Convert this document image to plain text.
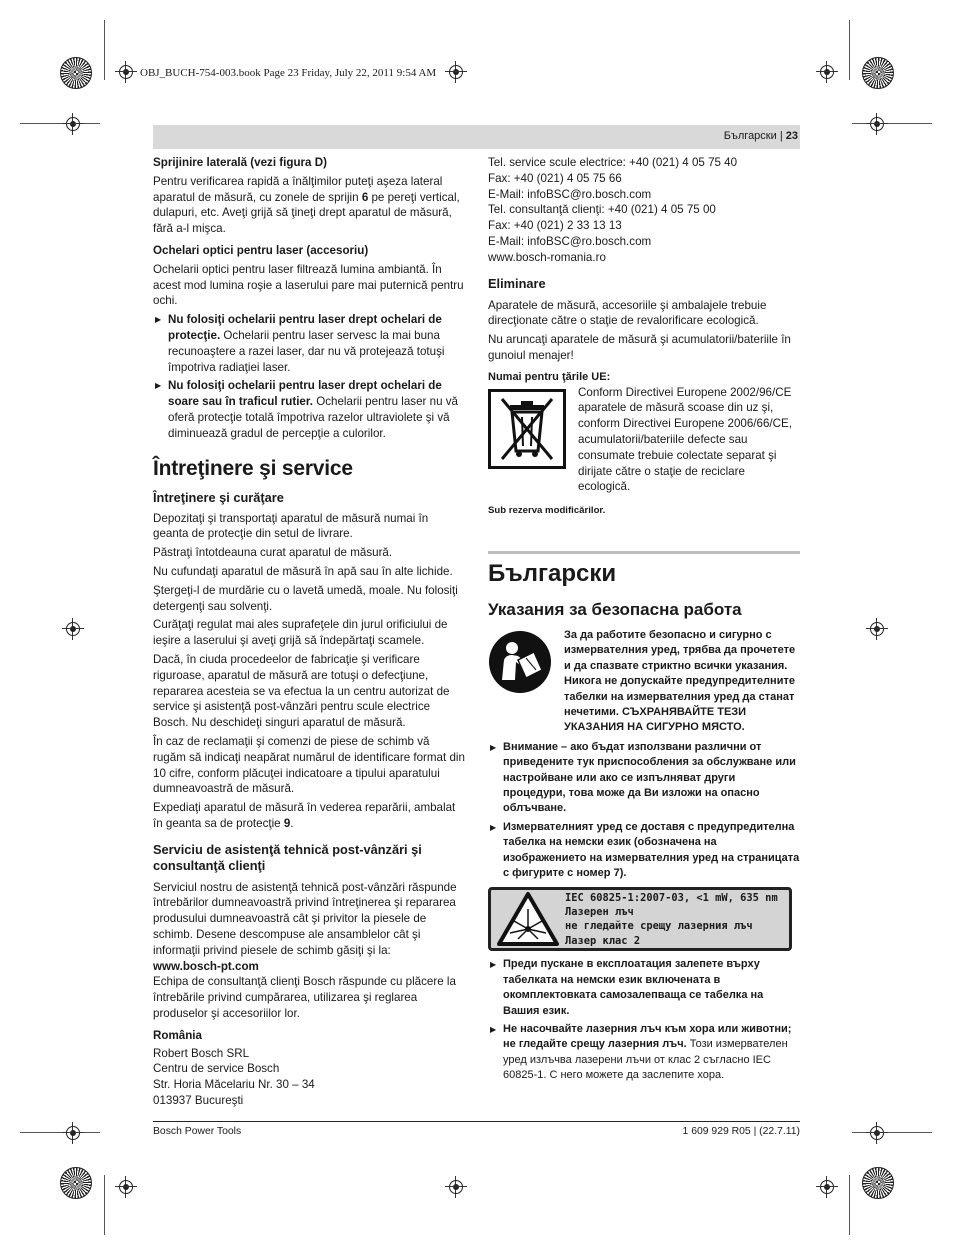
OBJ_BUCH-754-003.book Page 23 Friday, July 22, 2011 9:54 AM
Български | 23

Sprijinire laterală (vezi figura D)

Pentru verificarea rapidă a înălţimilor puteţi aşeza lateral aparatul de măsură, cu zonele de sprijin 6 pe pereţi vertical, dulapuri, etc. Aveţi grijă să ţineţi drept aparatul de măsură, fără a-l mişca.

Ochelari optici pentru laser (accesoriu)

Ochelarii optici pentru laser filtrează lumina ambiantă. În acest mod lumina roşie a laserului pare mai puternică pentru ochi.

▶ Nu folosiţi ochelarii pentru laser drept ochelari de protecţie. Ochelarii pentru laser servesc la mai buna recunoaştere a razei laser, dar nu vă protejează totuşi împotriva radiaţiei laser.

▶ Nu folosiţi ochelarii pentru laser drept ochelari de soare sau în traficul rutier. Ochelarii pentru laser nu vă oferă protecţie totală împotriva razelor ultraviolete şi vă diminuează gradul de percepţie a culorilor.

Întreţinere şi service

Întreţinere şi curăţare

Depozitaţi şi transportaţi aparatul de măsură numai în geanta de protecţie din setul de livrare.

Păstraţi întotdeauna curat aparatul de măsură.

Nu cufundaţi aparatul de măsură în apă sau în alte lichide.

Ştergeţi-l de murdărie cu o lavetă umedă, moale. Nu folosiţi detergenţi sau solvenţi.

Curăţaţi regulat mai ales suprafeţele din jurul orificiului de ieşire a laserului şi aveţi grijă să îndepărtaţi scamele.

Dacă, în ciuda procedeelor de fabricaţie şi verificare riguroase, aparatul de măsură are totuşi o defecţiune, repararea acesteia se va efectua la un centru autorizat de service şi asistenţă post-vânzări pentru scule electrice Bosch. Nu deschideţi singuri aparatul de măsură.

În caz de reclamaţii şi comenzi de piese de schimb vă rugăm să indicaţi neapărat numărul de identificare format din 10 cifre, conform plăcuţei indicatoare a tipului aparatului dumneavoastră de măsură.

Expediaţi aparatul de măsură în vederea reparării, ambalat în geanta sa de protecţie 9.

Serviciu de asistenţă tehnică post-vânzări şi consultanţă clienţi

Serviciul nostru de asistenţă tehnică post-vânzări răspunde întrebărilor dumneavoastră privind întreţinerea şi repararea produsului dumneavoastră cât şi privitor la piesele de schimb. Desene descompuse ale ansamblelor cât şi informaţii privind piesele de schimb găsiţi şi la:

www.bosch-pt.com

Echipa de consultanţă clienţi Bosch răspunde cu plăcere la întrebările privind cumpărarea, utilizarea şi reglarea produselor şi accesoriilor lor.

România

Robert Bosch SRL

Centru de service Bosch

Str. Horia Măcelariu Nr. 30 – 34

013937 Bucureşti

Tel. service scule electrice: +40 (021) 4 05 75 40

Fax: +40 (021) 4 05 75 66

E-Mail: infoBSC@ro.bosch.com

Tel. consultanţă clienţi: +40 (021) 4 05 75 00

Fax: +40 (021) 2 33 13 13

E-Mail: infoBSC@ro.bosch.com

www.bosch-romania.ro

Eliminare

Aparatele de măsură, accesoriile şi ambalajele trebuie direcţionate către o staţie de revalorificare ecologică.

Nu aruncaţi aparatele de măsură şi acumulatorii/bateriile în gunoiul menajer!

Numai pentru ţările UE:

Conform Directivei Europene 2002/96/CE aparatele de măsură scoase din uz şi, conform Directivei Europene 2006/66/CE, acumulatorii/bateriile defecte sau consumate trebuie colectate separat şi dirijate către o staţie de reciclare ecologică.

Sub rezerva modificărilor.

Български

Указания за безопасна работа

За да работите безопасно и сигурно с измервателния уред, трябва да прочетете и да спазвате стриктно всички указания. Никога не допускайте предупредителните табелки на измервателния уред да станат нечетими. СЪХРАНЯВАЙТЕ ТЕЗИ УКАЗАНИЯ НА СИГУРНО МЯСТО.

▶ Внимание – ако бъдат използвани различни от приведените тук приспособления за обслужване или настройване или ако се изпълняват други процедури, това може да Ви изложи на опасно облъчване.

▶ Измервателният уред се доставя с предупредителна табелка на немски език (обозначена на изображението на измервателния уред на страницата с фигурите с номер 7).

IEC 60825-1:2007-03, <1 mW, 635 nm
Лазерен лъч
не гледайте срещу лазерния лъч
Лазер клас 2

▶ Преди пускане в експлоатация залепете върху табелката на немски език включената в окомплектовката самозалепваща се табелка на Вашия език.

▶ Не насочвайте лазерния лъч към хора или животни; не гледайте срещу лазерния лъч. Този измервателен уред излъчва лазерени лъчи от клас 2 съгласно IEC 60825-1. С него можете да заслепите хора.

Bosch Power Tools	1 609 929 R05 | (22.7.11)
